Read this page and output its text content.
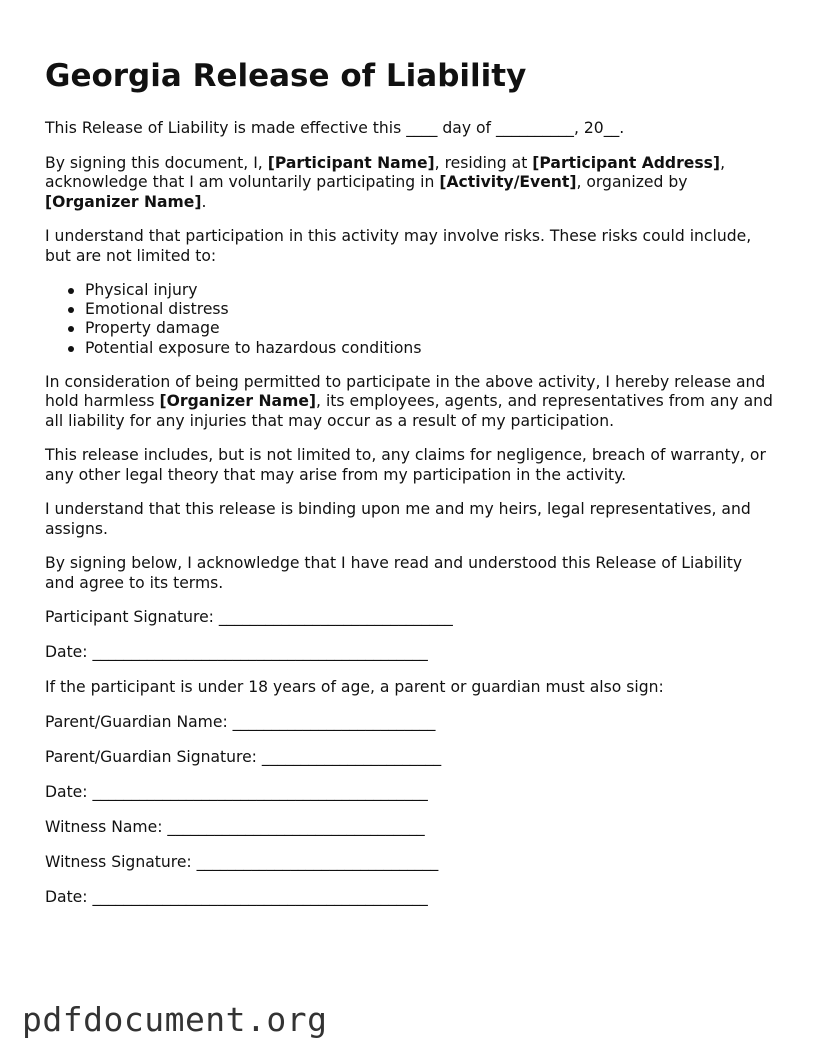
Georgia Release of Liability

This Release of Liability is made effective this ____ day of __________, 20__.

By signing this document, I, [Participant Name], residing at [Participant Address], acknowledge that I am voluntarily participating in [Activity/Event], organized by [Organizer Name].

I understand that participation in this activity may involve risks. These risks could include, but are not limited to:

Physical injury
Emotional distress
Property damage
Potential exposure to hazardous conditions

In consideration of being permitted to participate in the above activity, I hereby release and hold harmless [Organizer Name], its employees, agents, and representatives from any and all liability for any injuries that may occur as a result of my participation.

This release includes, but is not limited to, any claims for negligence, breach of warranty, or any other legal theory that may arise from my participation in the activity.

I understand that this release is binding upon me and my heirs, legal representatives, and assigns.

By signing below, I acknowledge that I have read and understood this Release of Liability and agree to its terms.

Participant Signature: ______________________________
Date: ___________________________________________
If the participant is under 18 years of age, a parent or guardian must also sign:
Parent/Guardian Name: __________________________
Parent/Guardian Signature: _______________________
Date: ___________________________________________
Witness Name: _________________________________
Witness Signature: _______________________________
Date: ___________________________________________
pdfdocument.org
